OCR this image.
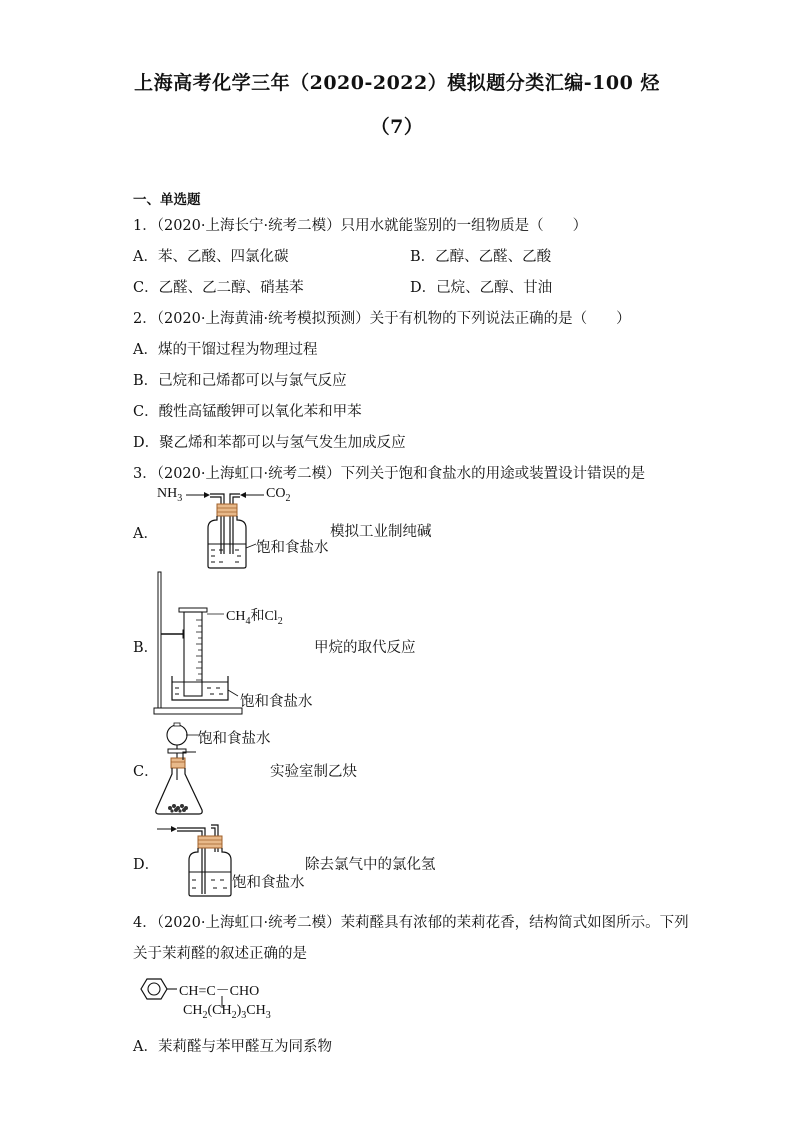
上海高考化学三年（2020-2022）模拟题分类汇编-100 烃
（7）
一、单选题
1．（2020·上海长宁·统考二模）只用水就能鉴别的一组物质是（　　）
A．苯、乙酸、四氯化碳	B．乙醇、乙醛、乙酸
C．乙醛、乙二醇、硝基苯	D．己烷、乙醇、甘油
2．（2020·上海黄浦·统考模拟预测）关于有机物的下列说法正确的是（　　）
A．煤的干馏过程为物理过程
B．己烷和己烯都可以与氯气反应
C．酸性高锰酸钾可以氧化苯和甲苯
D．聚乙烯和苯都可以与氢气发生加成反应
3．（2020·上海虹口·统考二模）下列关于饱和食盐水的用途或装置设计错误的是
$NH_3$	$CO_2$
A．
饱和食盐水
模拟工业制纯碱
$CH_4$和$Cl_2$
B．
饱和食盐水
甲烷的取代反应
饱和食盐水
C．	实验室制乙炔
D．
饱和食盐水
除去氯气中的氯化氢
4．（2020·上海虹口·统考二模）茉莉醛具有浓郁的茉莉花香，结构简式如图所示。下列
关于茉莉醛的叙述正确的是
CH=C－CHO
$CH_2(CH_2)_3CH_3$
A．茉莉醛与苯甲醛互为同系物
